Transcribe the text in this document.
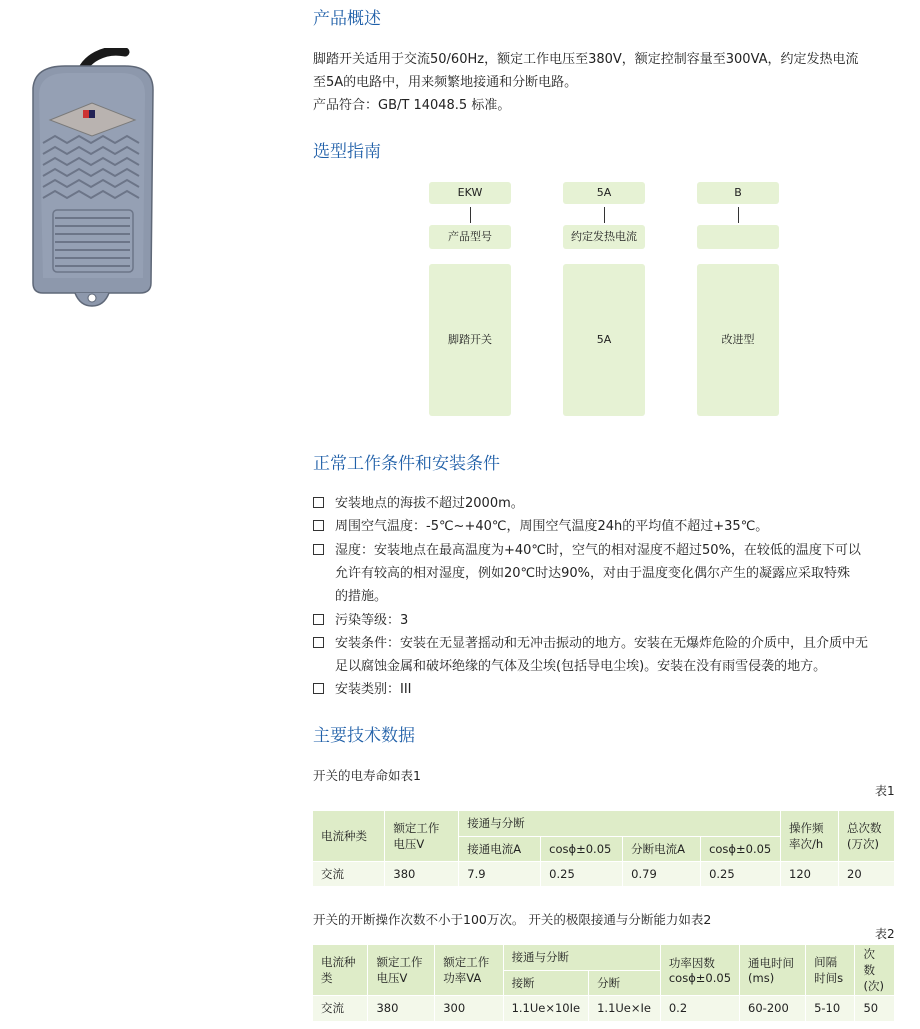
产品概述

脚踏开关适用于交流50/60Hz，额定工作电压至380V，额定控制容量至300VA，约定发热电流

至5A的电路中，用来频繁地接通和分断电路。

产品符合：GB/T 14048.5 标准。

选型指南
EKW
产品型号
脚踏开关
5A
约定发热电流
5A
B
改进型
正常工作条件和安装条件
安装地点的海拔不超过2000m。
周围空气温度：-5℃~+40℃，周围空气温度24h的平均值不超过+35℃。
湿度：安装地点在最高温度为+40℃时，空气的相对湿度不超过50%，在较低的温度下可以
允许有较高的相对湿度，例如20℃时达90%，对由于温度变化偶尔产生的凝露应采取特殊
的措施。
污染等级：3
安装条件：安装在无显著摇动和无冲击振动的地方。安装在无爆炸危险的介质中，且介质中无
足以腐蚀金属和破坏绝缘的气体及尘埃(包括导电尘埃)。安装在没有雨雪侵袭的地方。
安装类别：III
主要技术数据
开关的电寿命如表1
表1
电流种类	额定工作电压V	接通与分断				操作频率次/h	总次数(万次)
		接通电流A	cosϕ±0.05	分断电流A	cosϕ±0.05		
交流	380	7.9	0.25	0.79	0.25	120	20
开关的开断操作次数不小于100万次。 开关的极限接通与分断能力如表2
表2
电流种类	额定工作电压V	额定工作功率VA	接通与分断		功率因数cosϕ±0.05	通电时间(ms)	间隔时间s	次数(次)
			接断	分断				
交流	380	300	1.1Ue×10Ie	1.1Ue×Ie	0.2	60-200	5-10	50
